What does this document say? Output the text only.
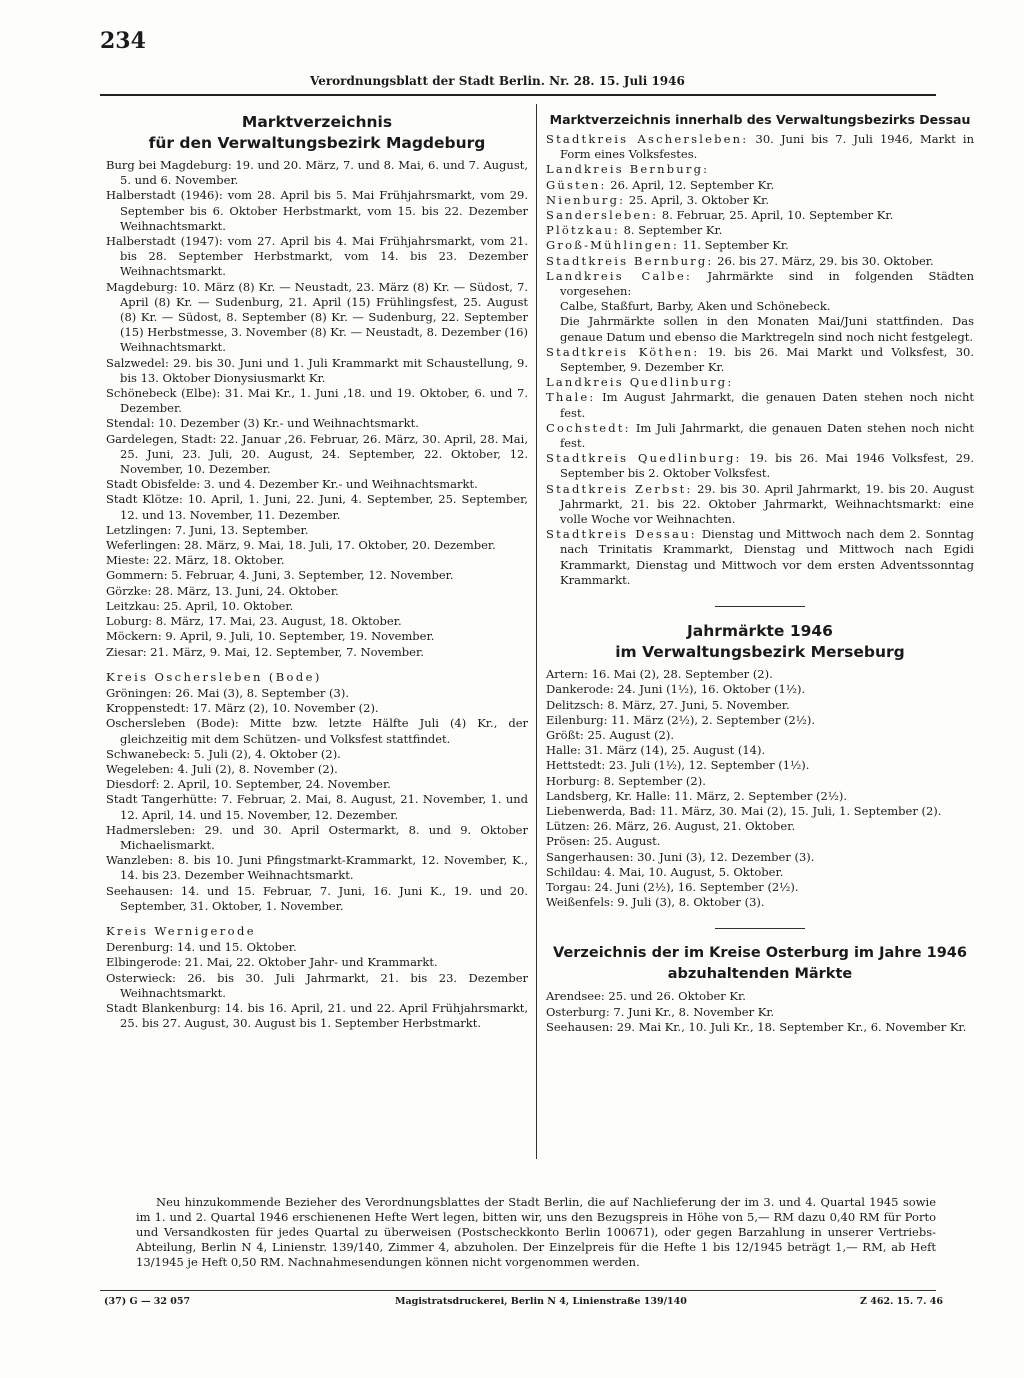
234
Verordnungsblatt der Stadt Berlin. Nr. 28. 15. Juli 1946
Marktverzeichnis
für den Verwaltungsbezirk Magdeburg

Burg bei Magdeburg: 19. und 20. März, 7. und 8. Mai, 6. und 7. August, 5. und 6. November.

Halberstadt (1946): vom 28. April bis 5. Mai Frühjahrsmarkt, vom 29. September bis 6. Oktober Herbstmarkt, vom 15. bis 22. Dezember Weihnachtsmarkt.

Halberstadt (1947): vom 27. April bis 4. Mai Frühjahrsmarkt, vom 21. bis 28. September Herbstmarkt, vom 14. bis 23. Dezember Weihnachtsmarkt.

Magdeburg: 10. März (8) Kr. — Neustadt, 23. März (8) Kr. — Südost, 7. April (8) Kr. — Sudenburg, 21. April (15) Frühlingsfest, 25. August (8) Kr. — Südost, 8. September (8) Kr. — Sudenburg, 22. September (15) Herbstmesse, 3. November (8) Kr. — Neustadt, 8. Dezember (16) Weihnachtsmarkt.

Salzwedel: 29. bis 30. Juni und 1. Juli Krammarkt mit Schaustellung, 9. bis 13. Oktober Dionysiusmarkt Kr.

Schönebeck (Elbe): 31. Mai Kr., 1. Juni ,18. und 19. Oktober, 6. und 7. Dezember.

Stendal: 10. Dezember (3) Kr.- und Weihnachtsmarkt.

Gardelegen, Stadt: 22. Januar ,26. Februar, 26. März, 30. April, 28. Mai, 25. Juni, 23. Juli, 20. August, 24. September, 22. Oktober, 12. November, 10. Dezember.

Stadt Obisfelde: 3. und 4. Dezember Kr.- und Weihnachtsmarkt.

Stadt Klötze: 10. April, 1. Juni, 22. Juni, 4. September, 25. September, 12. und 13. November, 11. Dezember.

Letzlingen: 7. Juni, 13. September.

Weferlingen: 28. März, 9. Mai, 18. Juli, 17. Oktober, 20. Dezember.

Mieste: 22. März, 18. Oktober.

Gommern: 5. Februar, 4. Juni, 3. September, 12. November.

Görzke: 28. März, 13. Juni, 24. Oktober.

Leitzkau: 25. April, 10. Oktober.

Loburg: 8. März, 17. Mai, 23. August, 18. Oktober.

Möckern: 9. April, 9. Juli, 10. September, 19. November.

Ziesar: 21. März, 9. Mai, 12. September, 7. November.

Kreis Oschersleben (Bode)

Gröningen: 26. Mai (3), 8. September (3).

Kroppenstedt: 17. März (2), 10. November (2).

Oschersleben (Bode): Mitte bzw. letzte Hälfte Juli (4) Kr., der gleichzeitig mit dem Schützen- und Volksfest stattfindet.

Schwanebeck: 5. Juli (2), 4. Oktober (2).

Wegeleben: 4. Juli (2), 8. November (2).

Diesdorf: 2. April, 10. September, 24. November.

Stadt Tangerhütte: 7. Februar, 2. Mai, 8. August, 21. November, 1. und 12. April, 14. und 15. November, 12. Dezember.

Hadmersleben: 29. und 30. April Ostermarkt, 8. und 9. Oktober Michaelismarkt.

Wanzleben: 8. bis 10. Juni Pfingstmarkt-Krammarkt, 12. November, K., 14. bis 23. Dezember Weihnachtsmarkt.

Seehausen: 14. und 15. Februar, 7. Juni, 16. Juni K., 19. und 20. September, 31. Oktober, 1. November.

Kreis Wernigerode

Derenburg: 14. und 15. Oktober.

Elbingerode: 21. Mai, 22. Oktober Jahr- und Krammarkt.

Osterwieck: 26. bis 30. Juli Jahrmarkt, 21. bis 23. Dezember Weihnachtsmarkt.

Stadt Blankenburg: 14. bis 16. April, 21. und 22. April Frühjahrsmarkt, 25. bis 27. August, 30. August bis 1. September Herbstmarkt.

Marktverzeichnis innerhalb des Verwaltungsbezirks Dessau

Stadtkreis Aschersleben: 30. Juni bis 7. Juli 1946, Markt in Form eines Volksfestes.

Landkreis Bernburg:

Güsten: 26. April, 12. September Kr.

Nienburg: 25. April, 3. Oktober Kr.

Sandersleben: 8. Februar, 25. April, 10. September Kr.

Plötzkau: 8. September Kr.

Groß-Mühlingen: 11. September Kr.

Stadtkreis Bernburg: 26. bis 27. März, 29. bis 30. Oktober.

Landkreis Calbe: Jahrmärkte sind in folgenden Städten vorgesehen:

Calbe, Staßfurt, Barby, Aken und Schönebeck.

Die Jahrmärkte sollen in den Monaten Mai/Juni stattfinden. Das genaue Datum und ebenso die Marktregeln sind noch nicht festgelegt.

Stadtkreis Köthen: 19. bis 26. Mai Markt und Volksfest, 30. September, 9. Dezember Kr.

Landkreis Quedlinburg:

Thale: Im August Jahrmarkt, die genauen Daten stehen noch nicht fest.

Cochstedt: Im Juli Jahrmarkt, die genauen Daten stehen noch nicht fest.

Stadtkreis Quedlinburg: 19. bis 26. Mai 1946 Volksfest, 29. September bis 2. Oktober Volksfest.

Stadtkreis Zerbst: 29. bis 30. April Jahrmarkt, 19. bis 20. August Jahrmarkt, 21. bis 22. Oktober Jahrmarkt, Weihnachtsmarkt: eine volle Woche vor Weihnachten.

Stadtkreis Dessau: Dienstag und Mittwoch nach dem 2. Sonntag nach Trinitatis Krammarkt, Dienstag und Mittwoch nach Egidi Krammarkt, Dienstag und Mittwoch vor dem ersten Adventssonntag Krammarkt.

Jahrmärkte 1946
im Verwaltungsbezirk Merseburg

Artern: 16. Mai (2), 28. September (2).

Dankerode: 24. Juni (1½), 16. Oktober (1½).

Delitzsch: 8. März, 27. Juni, 5. November.

Eilenburg: 11. März (2½), 2. September (2½).

Größt: 25. August (2).

Halle: 31. März (14), 25. August (14).

Hettstedt: 23. Juli (1½), 12. September (1½).

Horburg: 8. September (2).

Landsberg, Kr. Halle: 11. März, 2. September (2½).

Liebenwerda, Bad: 11. März, 30. Mai (2), 15. Juli, 1. September (2).

Lützen: 26. März, 26. August, 21. Oktober.

Prösen: 25. August.

Sangerhausen: 30. Juni (3), 12. Dezember (3).

Schildau: 4. Mai, 10. August, 5. Oktober.

Torgau: 24. Juni (2½), 16. September (2½).

Weißenfels: 9. Juli (3), 8. Oktober (3).

Verzeichnis der im Kreise Osterburg im Jahre 1946
abzuhaltenden Märkte

Arendsee: 25. und 26. Oktober Kr.

Osterburg: 7. Juni Kr., 8. November Kr.

Seehausen: 29. Mai Kr., 10. Juli Kr., 18. September Kr., 6. November Kr.

Neu hinzukommende Bezieher des Verordnungsblattes der Stadt Berlin, die auf Nachlieferung der im 3. und 4. Quartal 1945 sowie im 1. und 2. Quartal 1946 erschienenen Hefte Wert legen, bitten wir, uns den Bezugspreis in Höhe von 5,— RM dazu 0,40 RM für Porto und Versandkosten für jedes Quartal zu überweisen (Postscheckkonto Berlin 100671), oder gegen Barzahlung in unserer Vertriebs-Abteilung, Berlin N 4, Linienstr. 139/140, Zimmer 4, abzuholen. Der Einzelpreis für die Hefte 1 bis 12/1945 beträgt 1,— RM, ab Heft 13/1945 je Heft 0,50 RM. Nachnahmesendungen können nicht vorgenommen werden.

(37) G — 32 057	Magistratsdruckerei, Berlin N 4, Linienstraße 139/140	Z 462. 15. 7. 46
